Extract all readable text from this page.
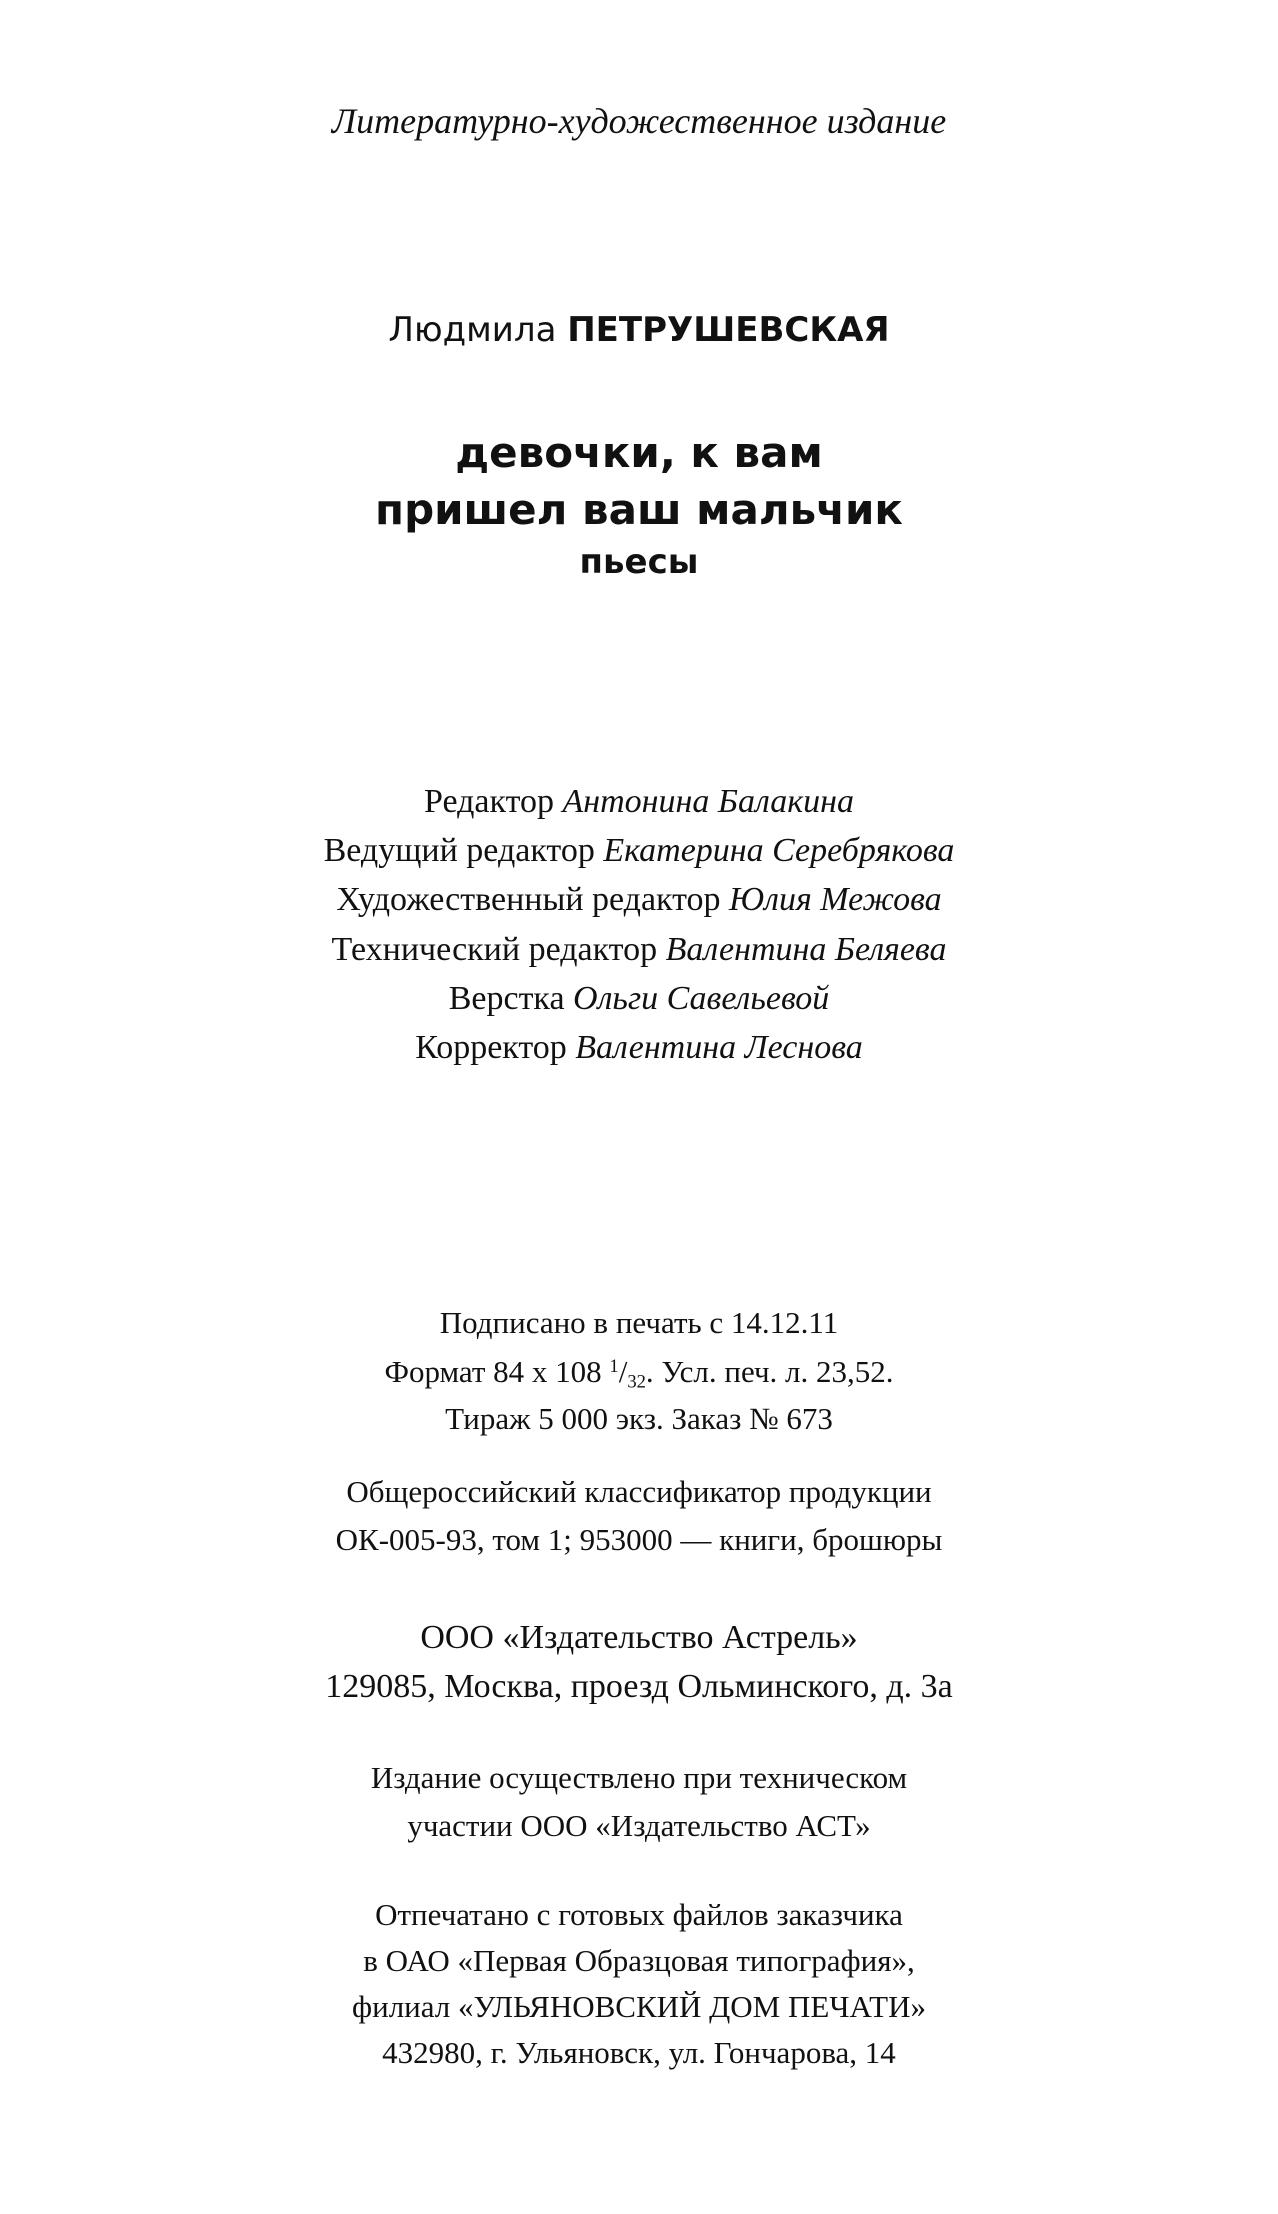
Литературно-художественное издание
Людмила ПЕТРУШЕВСКАЯ
девочки, к вам
пришел ваш мальчик
пьесы
Редактор Антонина Балакина
Ведущий редактор Екатерина Серебрякова
Художественный редактор Юлия Межова
Технический редактор Валентина Беляева
Верстка Ольги Савельевой
Корректор Валентина Леснова
Подписано в печать с 14.12.11
Формат 84 х 108 $^1/_{32}$. Усл. печ. л. 23,52.
Тираж 5 000 экз. Заказ № 673
Общероссийский классификатор продукции
ОК-005-93, том 1; 953000 — книги, брошюры
ООО «Издательство Астрель»
129085, Москва, проезд Ольминского, д. 3а
Издание осуществлено при техническом
участии ООО «Издательство АСТ»
Отпечатано с готовых файлов заказчика
в ОАО «Первая Образцовая типография»,
филиал «УЛЬЯНОВСКИЙ ДОМ ПЕЧАТИ»
432980, г. Ульяновск, ул. Гончарова, 14
